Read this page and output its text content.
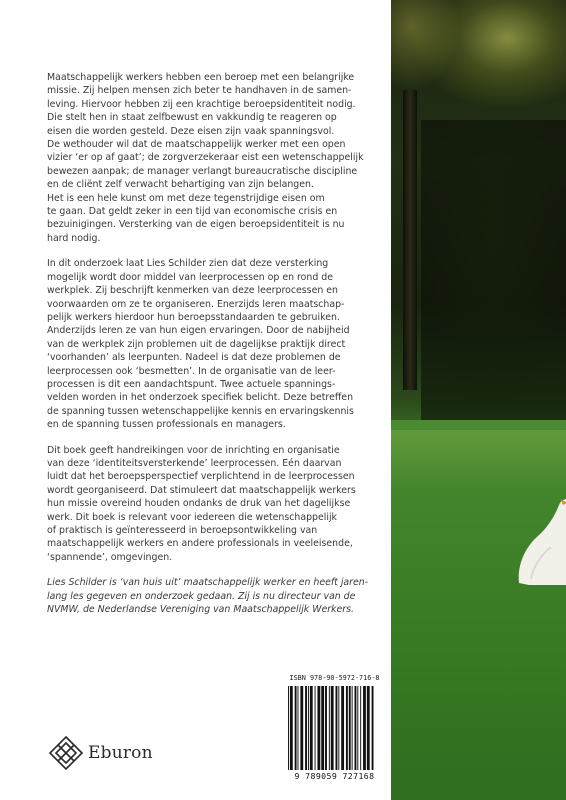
Maatschappelijk werkers hebben een beroep met een belangrijke
missie. Zij helpen mensen zich beter te handhaven in de samen-
leving. Hiervoor hebben zij een krachtige beroepsidentiteit nodig.
Die stelt hen in staat zelfbewust en vakkundig te reageren op
eisen die worden gesteld. Deze eisen zijn vaak spanningsvol.
De wethouder wil dat de maatschappelijk werker met een open
vizier ‘er op af gaat’; de zorgverzekeraar eist een wetenschappelijk
bewezen aanpak; de manager verlangt bureaucratische discipline
en de cliënt zelf verwacht behartiging van zijn belangen.
Het is een hele kunst om met deze tegenstrijdige eisen om
te gaan. Dat geldt zeker in een tijd van economische crisis en
bezuinigingen. Versterking van de eigen beroepsidentiteit is nu
hard nodig.

In dit onderzoek laat Lies Schilder zien dat deze versterking
mogelijk wordt door middel van leerprocessen op en rond de
werkplek. Zij beschrijft kenmerken van deze leerprocessen en
voorwaarden om ze te organiseren. Enerzijds leren maatschap-
pelijk werkers hierdoor hun beroepsstandaarden te gebruiken.
Anderzijds leren ze van hun eigen ervaringen. Door de nabijheid
van de werkplek zijn problemen uit de dagelijkse praktijk direct
‘voorhanden’ als leerpunten. Nadeel is dat deze problemen de
leerprocessen ook ‘besmetten’. In de organisatie van de leer-
processen is dit een aandachtspunt. Twee actuele spannings-
velden worden in het onderzoek specifiek belicht. Deze betreffen
de spanning tussen wetenschappelijke kennis en ervaringskennis
en de spanning tussen professionals en managers.

Dit boek geeft handreikingen voor de inrichting en organisatie
van deze ‘identiteitsversterkende’ leerprocessen. Eén daarvan
luidt dat het beroepsperspectief verplichtend in de leerprocessen
wordt georganiseerd. Dat stimuleert dat maatschappelijk werkers
hun missie overeind houden ondanks de druk van het dagelijkse
werk. Dit boek is relevant voor iedereen die wetenschappelijk
of praktisch is geïnteresseerd in beroepsontwikkeling van
maatschappelijk werkers en andere professionals in veeleisende,
‘spannende’, omgevingen.

Lies Schilder is ‘van huis uit’ maatschappelijk werker en heeft jaren-
lang les gegeven en onderzoek gedaan. Zij is nu directeur van de
NVMW, de Nederlandse Vereniging van Maatschappelijk Werkers.

ISBN 978-90-5972-716-8
9 789059 727168
Eburon
